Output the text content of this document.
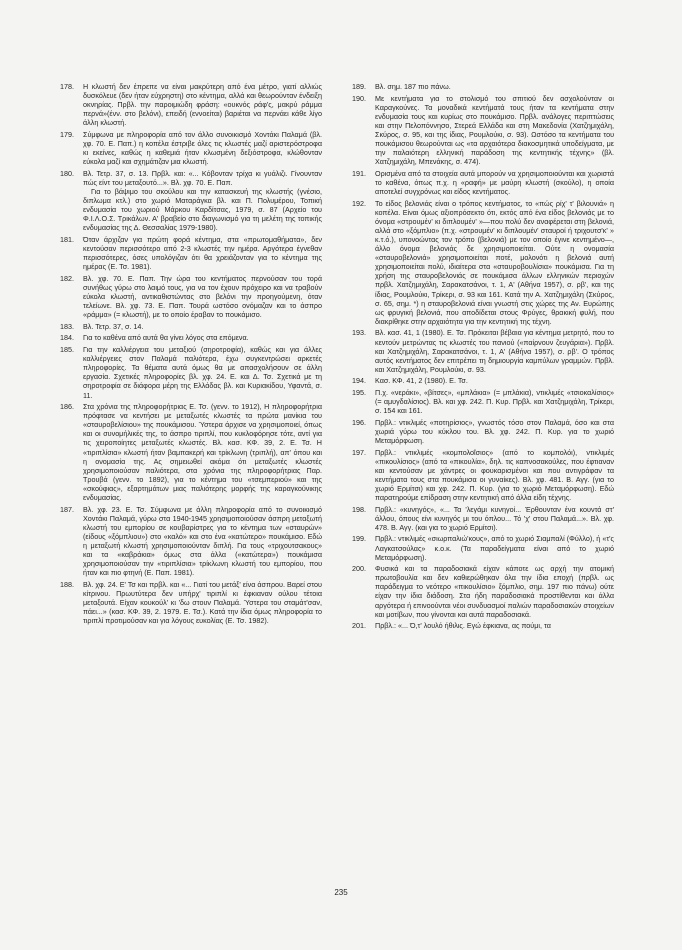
178.	Η κλωστή δεν έπρεπε να είναι μακρύτερη από ένα μέτρο, γιατί αλλιώς δυσκόλευε (δεν ήταν εύχρηστη) στο κέντημα, αλλά και θεωρούνταν ένδειξη οκνηρίας. Πρβλ. την παροιμιώδη φράση: «ουκνός ράφ'ς, μακρύ ράμμα περνά»(ένν. στο βελόνι), επειδή (εννοείται) βαριέται να περνάει κάθε λίγο άλλη κλωστή.

179.	Σύμφωνα με πληροφορία από τον άλλο συνοικισμό Χοντάκι Παλαμά (βλ. χφ. 70. Ε. Παπ.) η κοπέλα έστριβε όλες τις κλωστές μαζί αριστερόστροφα κι εκείνες, καθώς η καθεμιά ήταν κλωσμένη δεξιόστροφα, κλώθονταν εύκολα μαζί και σχημάτιζαν μια κλωστή.

180.	Βλ. Τετρ. 37, σ. 13. Πρβλ. και: «... Κόβονταν τρίχα κι γυάλιζι. Γίνουνταν πώς είντ του μεταξουτό...». Βλ. χφ. 70. Ε. Παπ.

Για το βάψιμο του σκούλου και την κατασκευή της κλωστής (γνέσιο, διπλωμα κτλ.) στο χωριό Ματαράγκα βλ. και Π. Πολυμέρου, Τοπική ενδυμασία του χωριού Μάρκου Καρδίτσας, 1979, σ. 87 (Αρχείο του Φ.Ι.Λ.Ο.Σ. Τρικάλων. Α' βραβείο στο διαγωνισμό για τη μελέτη της τοπικής ενδυμασίας της Δ. Θεσσαλίας 1979-1980).

181.	Όταν άρχιζαν για πρώτη φορά κέντημα, στα «πρωτομαθήματα», δεν κεντούσαν περισσότερο από 2-3 κλωστές την ημέρα. Αργότερα έγνεθαν περισσότερες, όσες υπολόγιζαν ότι θα χρειάζονταν για το κέντημα της ημέρας (Ε. Τσ. 1981).

182.	Βλ. χφ. 70. Ε. Παπ. Την ώρα του κεντήματος περνούσαν του τορά συνήθως γύρω στο λαιμό τους, για να τον έχουν πρόχειρο και να τραβούν εύκολα κλωστή, αντικαθιστώντας στο βελόνι την προηγούμενη, όταν τελείωνε. Βλ. χφ. 73. Ε. Παπ. Τουρά ωστόσο ονόμαζαν και το άσπρο «ράμμα» (= κλωστή), με το οποίο έραβαν το πουκάμισο.

183.	Βλ. Τετρ. 37, σ. 14.

184.	Για το καθένα από αυτά θα γίνει λόγος στα επόμενα.

185.	Για την καλλιέργεια του μεταξιού (σηροτροφία), καθώς και για άλλες καλλιέργειες στον Παλαμά παλιότερα, έχω συγκεντρώσει αρκετές πληροφορίες. Τα θέματα αυτά όμως θα με απασχολήσουν σε άλλη εργασία. Σχετικές πληροφορίες βλ. χφ. 24. Ε. και Δ. Τσ. Σχετικά με τη σηροτροφία σε διάφορα μέρη της Ελλάδας βλ. και Κυριακίδου, Υφαντά, σ. 11.

186.	Στα χρόνια της πληροφορήτριας Ε. Τσ. (γενν. το 1912), Η πληροφορήτρια πρόφτασε να κεντήσει με μεταξωτές κλωστές τα πρώτα μανίκια του «σταυροβελίσιου» της πουκάμισου. Ύστερα άρχισε να χρησιμοποιεί, όπως και οι συνομήλικές της, το άσπρο τιριπλί, που κυκλοφόρησε τότε, αντί για τις χειροποίητες μεταξωτές κλωστές. Βλ. κασ. ΚΦ. 39, 2. Ε. Τσ. Η «τιριπλίσια» κλωστή ήταν βαμπακερή και τρίκλωνη (τριπλή), απ' όπου και η ονομασία της. Ας σημειωθεί ακόμα ότι μεταξωτές κλωστές χρησιμοποιούσαν παλιότερα, στα χρόνια της πληροφορήτριας Παρ. Τρουβά (γενν. το 1892), για το κέντημα του «τσεμπεριού» και της «σκούφιας», εξαρτημάτων μιας παλιότερης μορφής της καραγκούνικης ενδυμασίας.

187.	Βλ. χφ. 23. Ε. Τσ. Σύμφωνα με άλλη πληροφορία από το συνοικισμό Χοντάκι Παλαμά, γύρω στα 1940-1945 χρησιμοποιούσαν άσπρη μεταξωτή κλωστή του εμπορίου σε κουβαρίστρες για το κέντημα των «σταυρών» (είδους «ξόμπλιου») στο «καλό» και στο ένα «κατώτερο» πουκάμισο. Εδώ η μεταξωτή κλωστή χρησιμοποιούνταν διπλή. Για τους «τριχουτσακους» και τα «καβράκια» όμως στα άλλα («κατώτερα») πουκάμισα χρησιμοποιούσαν την «τιριπλίσια» τρίκλωνη κλωστή του εμπορίου, που ήταν και πιο φτηνή (Ε. Παπ. 1981).

188.	Βλ. χφ. 24. Ε' Τσ και πρβλ. και «... Γιατί του μετάξ' είνα άσπρου. Βαρεί στου κίτρινου. Πρωυτύτερα δεν υπήρχ' τιριπλί κι έφκιαναν ούλου τέτοια μεταξουτά. Είχαν κουκούλ' κι 'δω στουν Παλαμά. Ύστερα του σταμάτ'σαν, πάει...» (κασ. ΚΦ. 39, 2. 1979. Ε. Τσ.). Κατά την ίδια όμως πληροφορία το τιριπλί προτιμούσαν και για λόγους ευκολίας (Ε. Τσ. 1982).

189.	Βλ. σημ. 187 πιο πάνω.

190.	Με κεντήματα για το στολισμό του σπιτιού δεν ασχολούνταν οι Καραγκούνες. Τα μοναδικά κεντήματά τους ήταν τα κεντήματα στην ενδυμασία τους και κυρίως στο πουκάμισο. Πρβλ. ανάλογες περιπτώσεις και στην Πελοπόννησο, Στερεά Ελλάδα και στη Μακεδονία (Χατζημιχάλη, Σκύρος, σ. 95, και της ίδιας, Ρουμλούκι, σ. 93). Ωστόσο τα κεντήματα του πουκάμισου θεωρούνται ως «τα αρχαιότερα διακοσμητικά υποδείγματα, με την παλαιότερη ελληνική παράδοση της κεντητικής τέχνης» (βλ. Χατζημιχάλη, Μπενάκης, σ. 474).

191.	Ορισμένα από τα στοιχεία αυτά μπορούν να χρησιμοποιούνται και χωριστά το καθένα, όπως π.χ. η «ραφή» με μαύρη κλωστή (σκούλο), η οποία αποτελεί συγχρόνως και είδος κεντήματος.

192.	Το είδος βελονιάς είναι ο τρόπος κεντήματος, το «πώς ρίχ' τ' βιλουνιά» η κοπέλα. Είναι όμως αξιοπρόσεκτο ότι, εκτός από ένα είδος βελονιάς με το όνομα «στρουμέν' κι διπλουμέν' »—που πολύ δεν αναφέρεται στη βελονιά, αλλά στο «ξόμπλιο» (π.χ. «στρουμέν' κι διπλουμέν' σταυροί ή τριχουτσ'κ' » κ.τ.ό.), υπονοώντας τον τρόπο (βελονιά) με τον οποίο έγινε κεντημένο—, άλλο όνομα βελονιάς δε χρησιμοποιείται. Ούτε η ονομασία «σταυροβελονιά» χρησιμοποιείται ποτέ, μολονότι η βελονιά αυτή χρησιμοποιείται πολύ, ιδιαίτερα στα «σταυροβουλίσια» πουκάμισα. Για τη χρήση της σταυροβελονιάς σε πουκάμισα άλλων ελληνικών περιοχών πρβλ. Χατζημιχάλη, Σαρακατσάνοι, τ. 1, Α' (Αθήνα 1957), σ. ρβ', και της ίδιας, Ρουμλούκι, Τρίκερι, σ. 93 και 161. Κατά την Α. Χατζημιχάλη (Σκύρος, σ. 65, σημ. *) η σταυροβελονιά είναι γνωστή στις χώρες της Αν. Ευρώπης ως φρυγική βελονιά, που αποδίδεται στους Φρύγες, θρακική φυλή, που διακρίθηκε στην αρχαιότητα για την κεντητική της τέχνη.

193.	Βλ. κασ. 41, 1 (1980). Ε. Τσ. Πρόκειται βέβαια για κέντημα μετρητό, που το κεντούν μετρώντας τις κλωστές του πανιού («παίρνουν ζευγάρια»). Πρβλ. και Χατζημιχάλη, Σαρακατσάνοι, τ. 1, Α' (Αθήνα 1957), σ. ρβ'. Ο τρόπος αυτός κεντήματος δεν επιτρέπει τη δημιουργία καμπύλων γραμμών. Πρβλ. και Χατζημιχάλη, Ρουμλούκι, σ. 93.

194.	Κασ. ΚΦ. 41, 2 (1980). Ε. Τσ.

195.	Π.χ. «νεράκι», «βίτσες», «μπλάκια» (= μπλάκια), ντικλιμές «τσιοκαλίσιος» (= αμυγδαλίσιος). Βλ. και χφ. 242. Π. Κυρ. Πρβλ. και Χατζημιχάλη, Τρίκερι, σ. 154 και 161.

196.	Πρβλ.: ντικλιμές «ποτηρίσιος», γνωστός τόσο στον Παλαμά, όσο και στα χωριά γύρω του κύκλου του. Βλ. χφ. 242. Π. Κυρ. για το χωριό Μεταμόρφωση.

197.	Πρβλ.: ντικλιμές «κομπολοΐσιος» (από το κομπολόι), ντικλιμές «πικουλίσιος» (από τα «πικουλία», δηλ. τις καπνοσακούλες, που έφτιαναν και κεντούσαν με χάντρες οι φουκαρισμένοι και που αντιγράφαν τα κεντήματα τους στα πουκάμισα οι γυναίκες). Βλ. χφ. 481. Β. Αγγ. (για το χωριό Ερμίτσι) και χφ. 242. Π. Κυρ. (για το χωριό Μεταμόρφωση). Εδώ παρατηρούμε επίδραση στην κεντητική από άλλα είδη τέχνης.

198.	Πρβλ.: «κυνηγός», «... Τα 'λεγάμι κυνηγοί... Έρθουνταν ένα κουντά στ' άλλου, όπους είνι κυνηγός μι του όπλου... Τό 'χ' στου Παλαμά...». Βλ. χφ. 478. Β. Αγγ. (και για το χωριό Ερμίτσι).

199.	Πρβλ.: ντικλιμές «σιωρπαλιώ'κους», από το χωριό Σιαμπαλί (Φύλλο), ή «τ'ς Λαγκατσούλας» κ.ο.κ. (Τα παραδείγματα είναι από το χωριό Μεταμόρφωση).

200.	Φυσικά και τα παραδοσιακά είχαν κάποτε ως αρχή την ατομική πρωτοβουλία και δεν καθιερώθηκαν όλα την ίδια εποχή (πρβλ. ως παράδειγμα το νεότερο «πικουλίσιο» ξόμπλιο, σημ. 197 πιο πάνω) ούτε είχαν την ίδια διάδοση. Στα ήδη παραδοσιακά προστίθενται και άλλα αργότερα ή επινοούνται νέοι συνδυασμοί παλιών παραδοσιακών στοιχείων και μοτίβων, που γίνονται και αυτά παραδοσιακά.

201.	Πρβλ.: «... Ό,τ' λουλό ήθιλις. Εγώ έφκιανα, ας πούμι, τα

235
